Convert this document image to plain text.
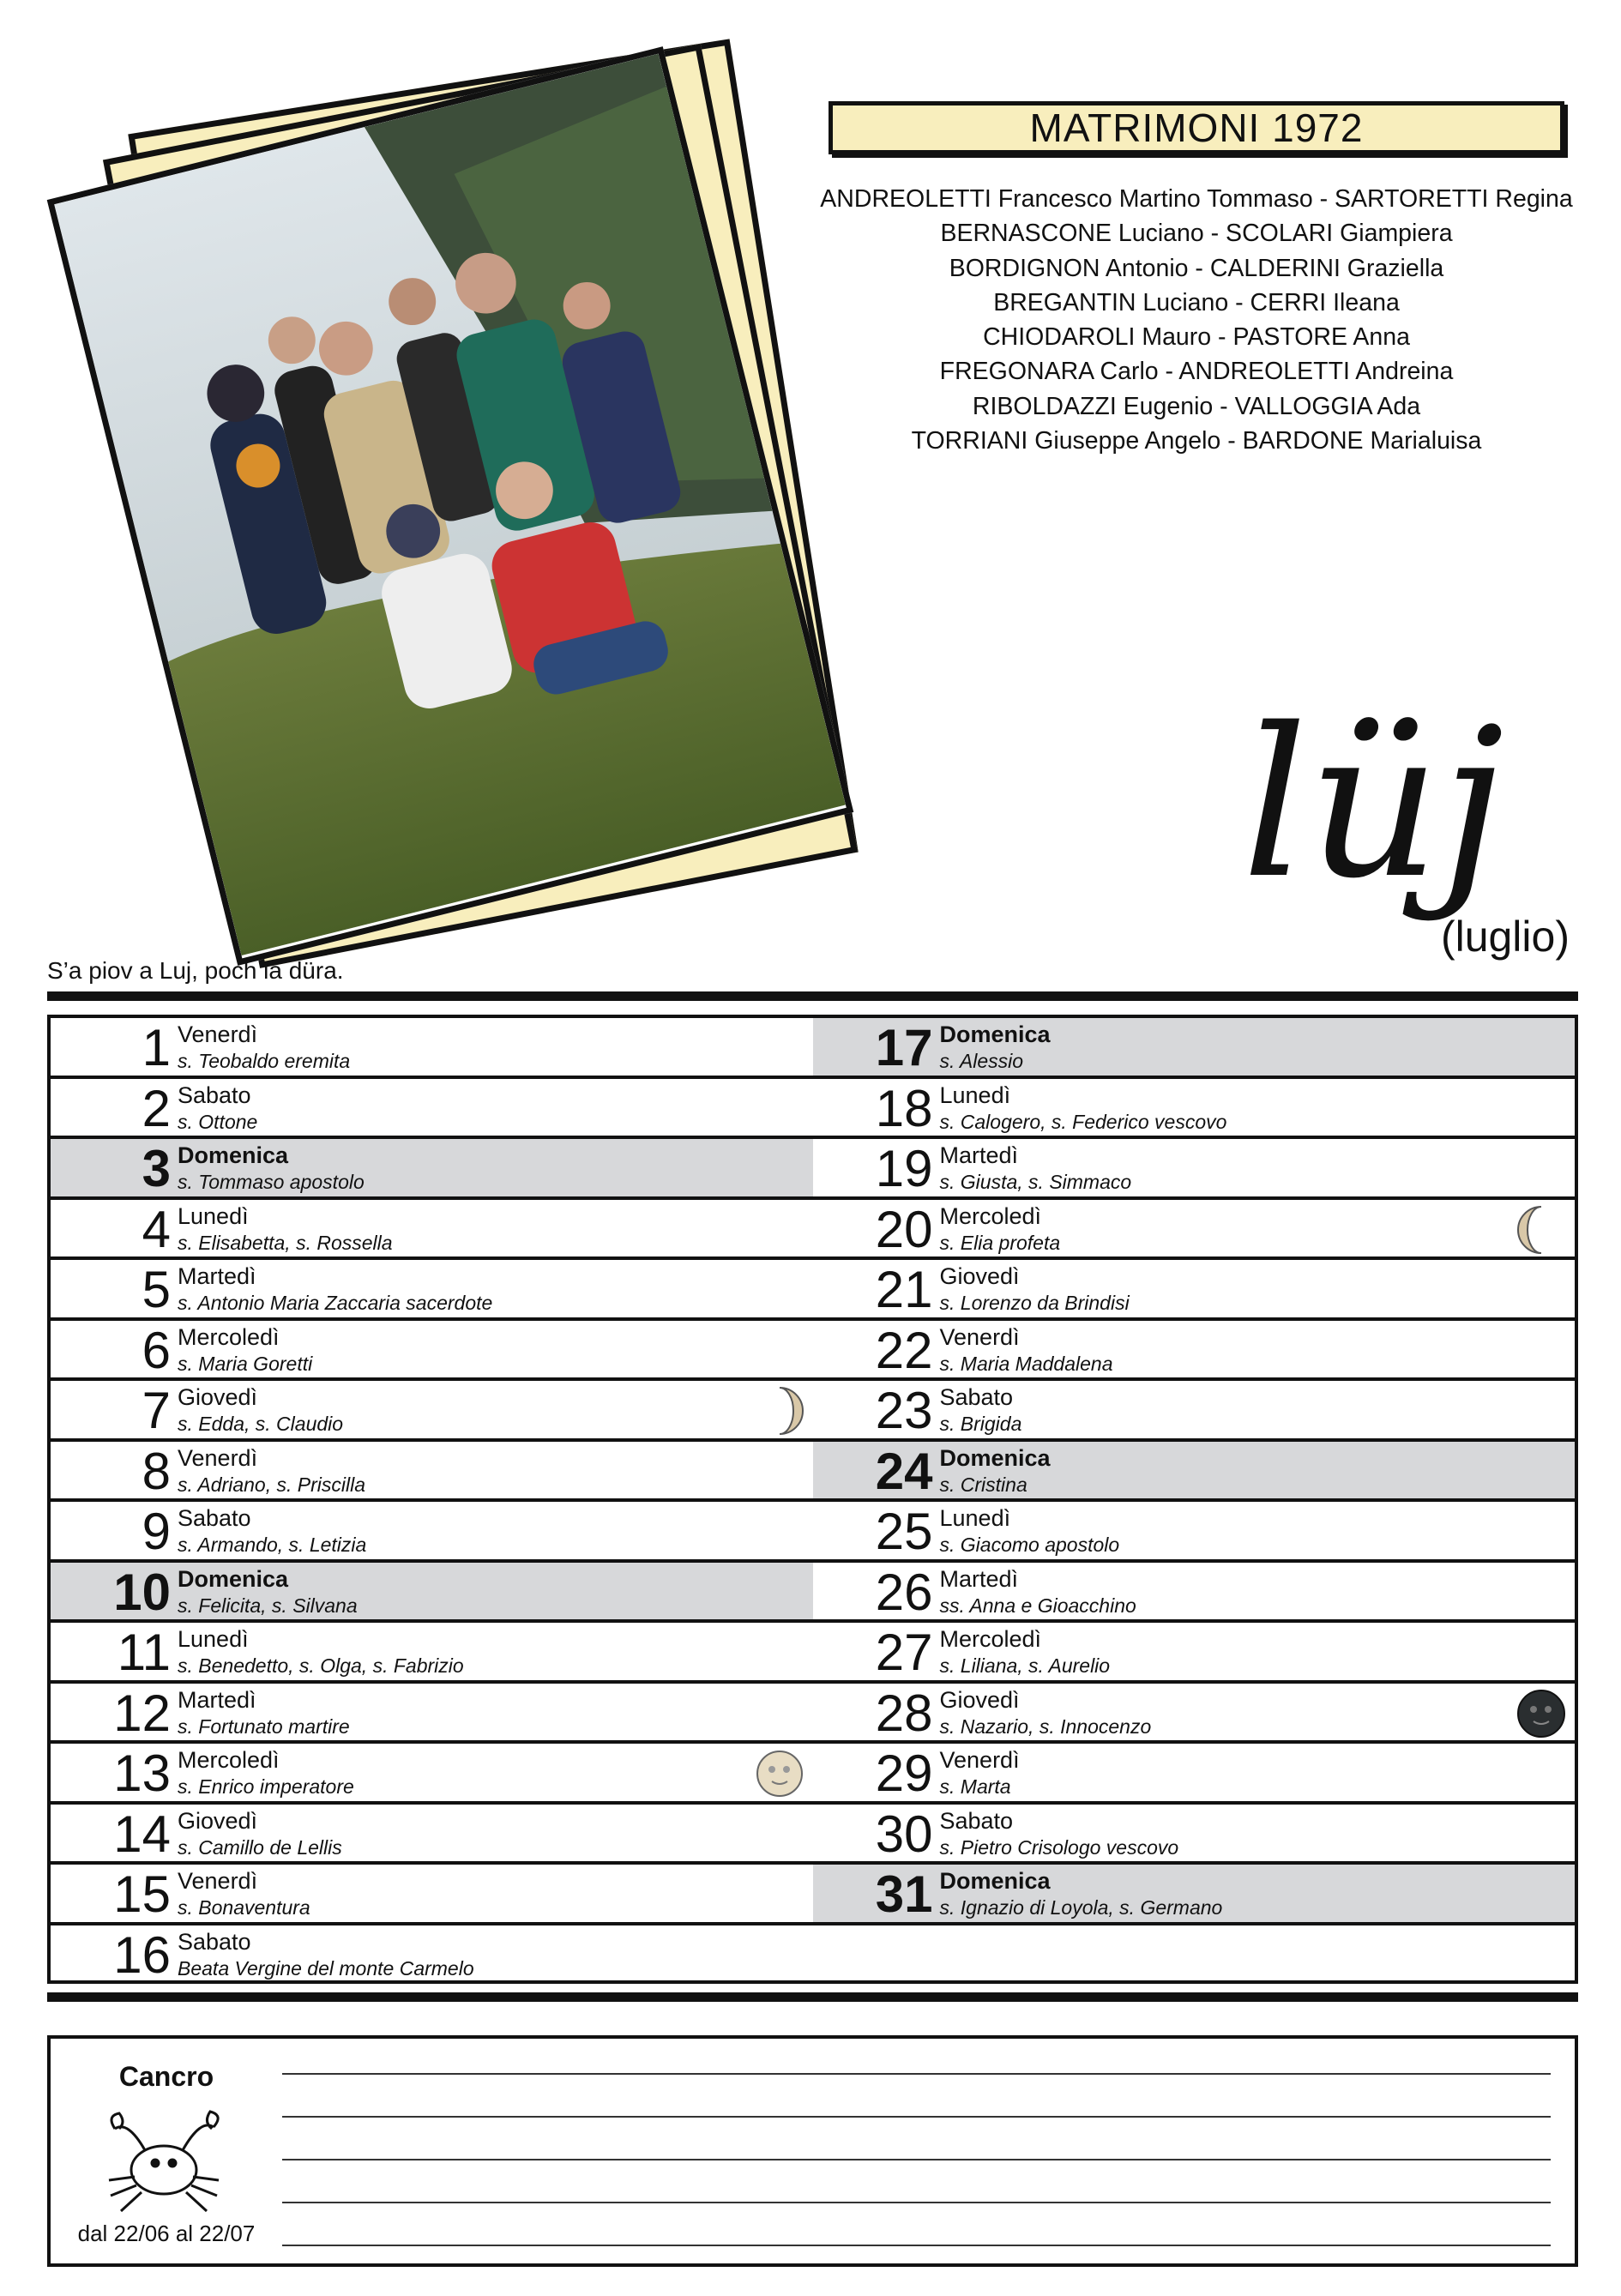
MATRIMONI 1972
ANDREOLETTI Francesco Martino Tommaso - SARTORETTI Regina
BERNASCONE Luciano - SCOLARI Giampiera
BORDIGNON Antonio - CALDERINI Graziella
BREGANTIN Luciano - CERRI Ileana
CHIODAROLI Mauro - PASTORE Anna
FREGONARA Carlo - ANDREOLETTI Andreina
RIBOLDAZZI Eugenio - VALLOGGIA Ada
TORRIANI Giuseppe Angelo - BARDONE Marialuisa
lüj
(luglio)
S’a piov a Luj, poch la düra.
1 Venerdì
s. Teobaldo eremita
2 Sabato
s. Ottone
3 Domenica
s. Tommaso apostolo
4 Lunedì
s. Elisabetta, s. Rossella
5 Martedì
s. Antonio Maria Zaccaria sacerdote
6 Mercoledì
s. Maria Goretti
7 Giovedì
s. Edda, s. Claudio
8 Venerdì
s. Adriano, s. Priscilla
9 Sabato
s. Armando, s. Letizia
10 Domenica
s. Felicita, s. Silvana
11 Lunedì
s. Benedetto, s. Olga, s. Fabrizio
12 Martedì
s. Fortunato martire
13 Mercoledì
s. Enrico imperatore
14 Giovedì
s. Camillo de Lellis
15 Venerdì
s. Bonaventura
16 Sabato
Beata Vergine del monte Carmelo
17 Domenica
s. Alessio
18 Lunedì
s. Calogero, s. Federico vescovo
19 Martedì
s. Giusta, s. Simmaco
20 Mercoledì
s. Elia profeta
21 Giovedì
s. Lorenzo da Brindisi
22 Venerdì
s. Maria Maddalena
23 Sabato
s. Brigida
24 Domenica
s. Cristina
25 Lunedì
s. Giacomo apostolo
26 Martedì
ss. Anna e Gioacchino
27 Mercoledì
s. Liliana, s. Aurelio
28 Giovedì
s. Nazario, s. Innocenzo
29 Venerdì
s. Marta
30 Sabato
s. Pietro Crisologo vescovo
31 Domenica
s. Ignazio di Loyola, s. Germano
Cancro
dal 22/06 al 22/07
